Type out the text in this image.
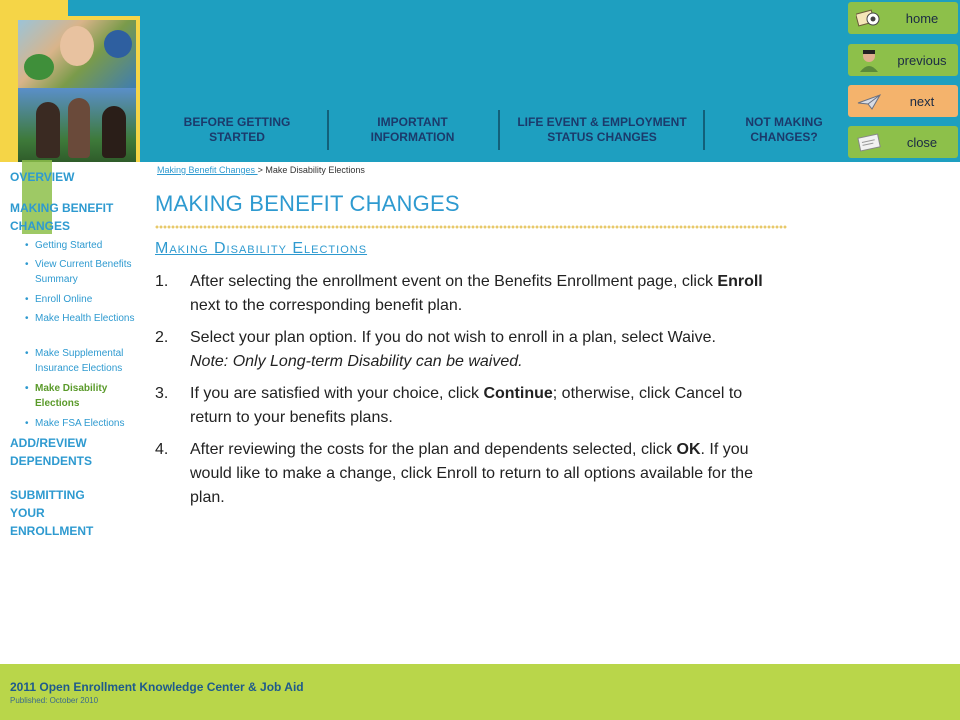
BEFORE GETTING STARTED
IMPORTANT INFORMATION
LIFE EVENT & EMPLOYMENT STATUS CHANGES
NOT MAKING CHANGES?
home
previous
next
close
OVERVIEW
MAKING BENEFIT CHANGES
• Getting Started
• View Current Benefits Summary
• Enroll Online
• Make Health Elections
• Make Supplemental Insurance Elections
• Make Disability Elections
• Make FSA Elections
ADD/REVIEW DEPENDENTS
SUBMITTING YOUR ENROLLMENT
Making Benefit Changes > Make Disability Elections
MAKING BENEFIT CHANGES
Making Disability Elections
1. After selecting the enrollment event on the Benefits Enrollment page, click Enroll next to the corresponding benefit plan.
2. Select your plan option. If you do not wish to enroll in a plan, select Waive.
Note: Only Long-term Disability can be waived.
3. If you are satisfied with your choice, click Continue; otherwise, click Cancel to return to your benefits plans.
4. After reviewing the costs for the plan and dependents selected, click OK. If you would like to make a change, click Enroll to return to all options available for the plan.
2011 Open Enrollment Knowledge Center & Job Aid
Published: October 2010
